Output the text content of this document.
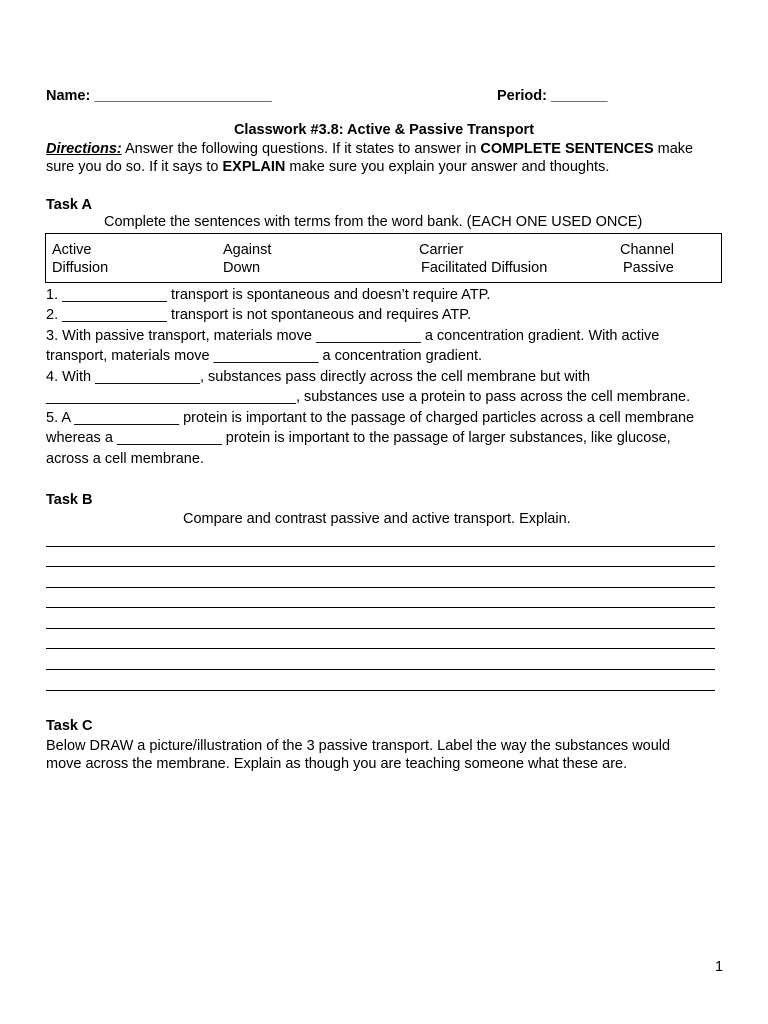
Name: ______________________	Period: _______
Classwork #3.8: Active & Passive Transport
Directions: Answer the following questions. If it states to answer in COMPLETE SENTENCES make
sure you do so. If it says to EXPLAIN make sure you explain your answer and thoughts.
Task A
Complete the sentences with terms from the word bank. (EACH ONE USED ONCE)
Active	Against	Carrier	Channel
Diffusion	Down	Facilitated Diffusion	Passive
1. _____________ transport is spontaneous and doesn’t require ATP.
2. _____________ transport is not spontaneous and requires ATP.
3. With passive transport, materials move _____________ a concentration gradient. With active
transport, materials move _____________ a concentration gradient.
4. With _____________, substances pass directly across the cell membrane but with
_______________________________, substances use a protein to pass across the cell membrane.
5. A _____________ protein is important to the passage of charged particles across a cell membrane
whereas a _____________ protein is important to the passage of larger substances, like glucose,
across a cell membrane.
Task B
Compare and contrast passive and active transport. Explain.
Task C
Below DRAW a picture/illustration of the 3 passive transport. Label the way the substances would
move across the membrane. Explain as though you are teaching someone what these are.
1
